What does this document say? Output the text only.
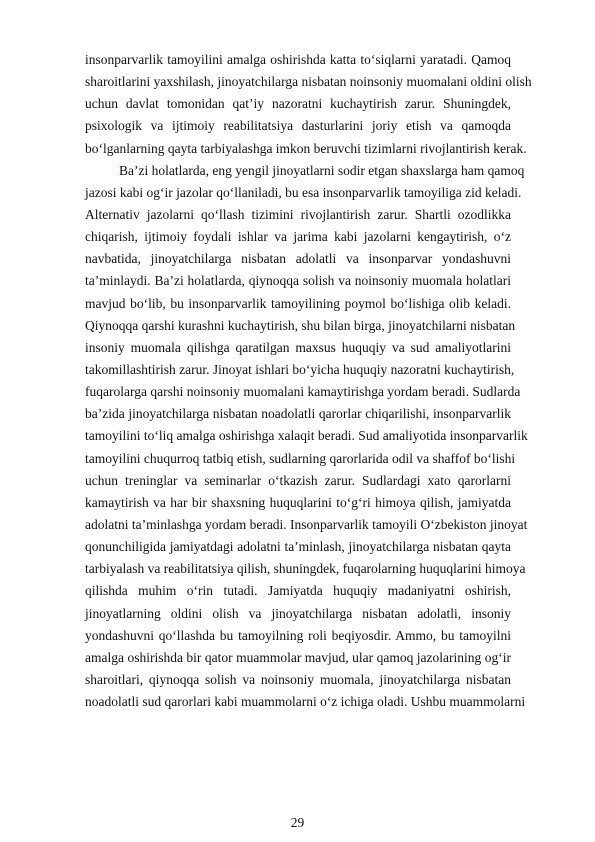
insonparvarlik tamoyilini amalga oshirishda katta toʻsiqlarni yaratadi. Qamoq
sharoitlarini yaxshilash, jinoyatchilarga nisbatan noinsoniy muomalani oldini olish
uchun davlat tomonidan qatʼiy nazoratni kuchaytirish zarur. Shuningdek,
psixologik va ijtimoiy reabilitatsiya dasturlarini joriy etish va qamoqda
boʻlganlarning qayta tarbiyalashga imkon beruvchi tizimlarni rivojlantirish kerak.
Baʼzi holatlarda, eng yengil jinoyatlarni sodir etgan shaxslarga ham qamoq
jazosi kabi ogʻir jazolar qoʻllaniladi, bu esa insonparvarlik tamoyiliga zid keladi.
Alternativ jazolarni qoʻllash tizimini rivojlantirish zarur. Shartli ozodlikka
chiqarish, ijtimoiy foydali ishlar va jarima kabi jazolarni kengaytirish, oʻz
navbatida, jinoyatchilarga nisbatan adolatli va insonparvar yondashuvni
taʼminlaydi. Baʼzi holatlarda, qiynoqqa solish va noinsoniy muomala holatlari
mavjud boʻlib, bu insonparvarlik tamoyilining poymol boʻlishiga olib keladi.
Qiynoqqa qarshi kurashni kuchaytirish, shu bilan birga, jinoyatchilarni nisbatan
insoniy muomala qilishga qaratilgan maxsus huquqiy va sud amaliyotlarini
takomillashtirish zarur. Jinoyat ishlari boʻyicha huquqiy nazoratni kuchaytirish,
fuqarolarga qarshi noinsoniy muomalani kamaytirishga yordam beradi. Sudlarda
baʼzida jinoyatchilarga nisbatan noadolatli qarorlar chiqarilishi, insonparvarlik
tamoyilini toʻliq amalga oshirishga xalaqit beradi. Sud amaliyotida insonparvarlik
tamoyilini chuqurroq tatbiq etish, sudlarning qarorlarida odil va shaffof boʻlishi
uchun treninglar va seminarlar oʻtkazish zarur. Sudlardagi xato qarorlarni
kamaytirish va har bir shaxsning huquqlarini toʻgʻri himoya qilish, jamiyatda
adolatni taʼminlashga yordam beradi. Insonparvarlik tamoyili Oʻzbekiston jinoyat
qonunchiligida jamiyatdagi adolatni taʼminlash, jinoyatchilarga nisbatan qayta
tarbiyalash va reabilitatsiya qilish, shuningdek, fuqarolarning huquqlarini himoya
qilishda muhim oʻrin tutadi. Jamiyatda huquqiy madaniyatni oshirish,
jinoyatlarning oldini olish va jinoyatchilarga nisbatan adolatli, insoniy
yondashuvni qoʻllashda bu tamoyilning roli beqiyosdir. Ammo, bu tamoyilni
amalga oshirishda bir qator muammolar mavjud, ular qamoq jazolarining ogʻir
sharoitlari, qiynoqqa solish va noinsoniy muomala, jinoyatchilarga nisbatan
noadolatli sud qarorlari kabi muammolarni oʻz ichiga oladi. Ushbu muammolarni
29
